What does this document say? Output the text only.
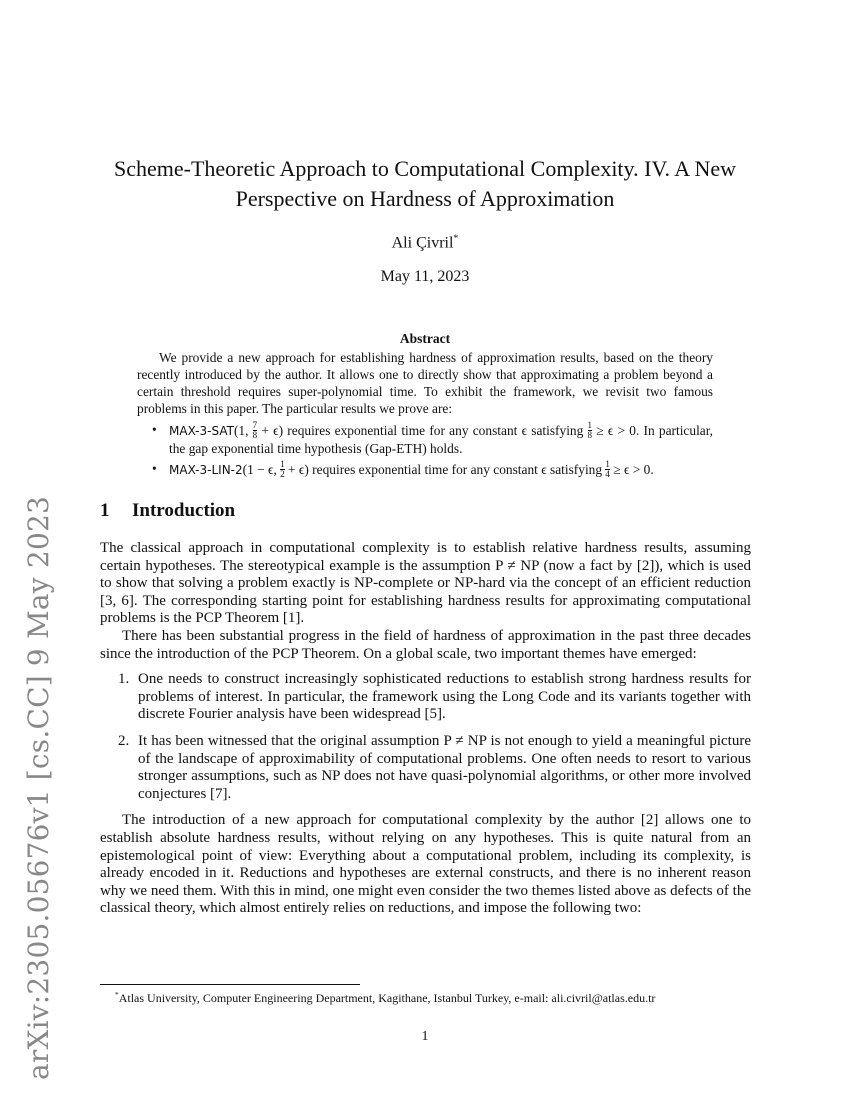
arXiv:2305.05676v1 [cs.CC] 9 May 2023
Scheme-Theoretic Approach to Computational Complexity. IV. A New Perspective on Hardness of Approximation
Ali Çivril*
May 11, 2023
Abstract

We provide a new approach for establishing hardness of approximation results, based on the theory recently introduced by the author. It allows one to directly show that approximating a problem beyond a certain threshold requires super-polynomial time. To exhibit the framework, we revisit two famous problems in this paper. The particular results we prove are:

• MAX-3-SAT(1, $\frac{7}{8} + \epsilon$) requires exponential time for any constant ϵ satisfying $\frac{1}{8} \ge \epsilon > 0$. In particular, the gap exponential time hypothesis (Gap-ETH) holds.
• MAX-3-LIN-2(1 − ϵ, $\frac{1}{2} + \epsilon$) requires exponential time for any constant ϵ satisfying $\frac{1}{4} \ge \epsilon > 0$.
1 Introduction

The classical approach in computational complexity is to establish relative hardness results, assuming certain hypotheses. The stereotypical example is the assumption P ≠ NP (now a fact by [2]), which is used to show that solving a problem exactly is NP-complete or NP-hard via the concept of an efficient reduction [3, 6]. The corresponding starting point for establishing hardness results for approximating computational problems is the PCP Theorem [1].

There has been substantial progress in the field of hardness of approximation in the past three decades since the introduction of the PCP Theorem. On a global scale, two important themes have emerged:

1. One needs to construct increasingly sophisticated reductions to establish strong hardness results for problems of interest. In particular, the framework using the Long Code and its variants together with discrete Fourier analysis have been widespread [5].
2. It has been witnessed that the original assumption P ≠ NP is not enough to yield a meaningful picture of the landscape of approximability of computational problems. One often needs to resort to various stronger assumptions, such as NP does not have quasi-polynomial algorithms, or other more involved conjectures [7].

The introduction of a new approach for computational complexity by the author [2] allows one to establish absolute hardness results, without relying on any hypotheses. This is quite natural from an epistemological point of view: Everything about a computational problem, including its complexity, is already encoded in it. Reductions and hypotheses are external constructs, and there is no inherent reason why we need them. With this in mind, one might even consider the two themes listed above as defects of the classical theory, which almost entirely relies on reductions, and impose the following two:

*Atlas University, Computer Engineering Department, Kagithane, Istanbul Turkey, e-mail: ali.civril@atlas.edu.tr
1
